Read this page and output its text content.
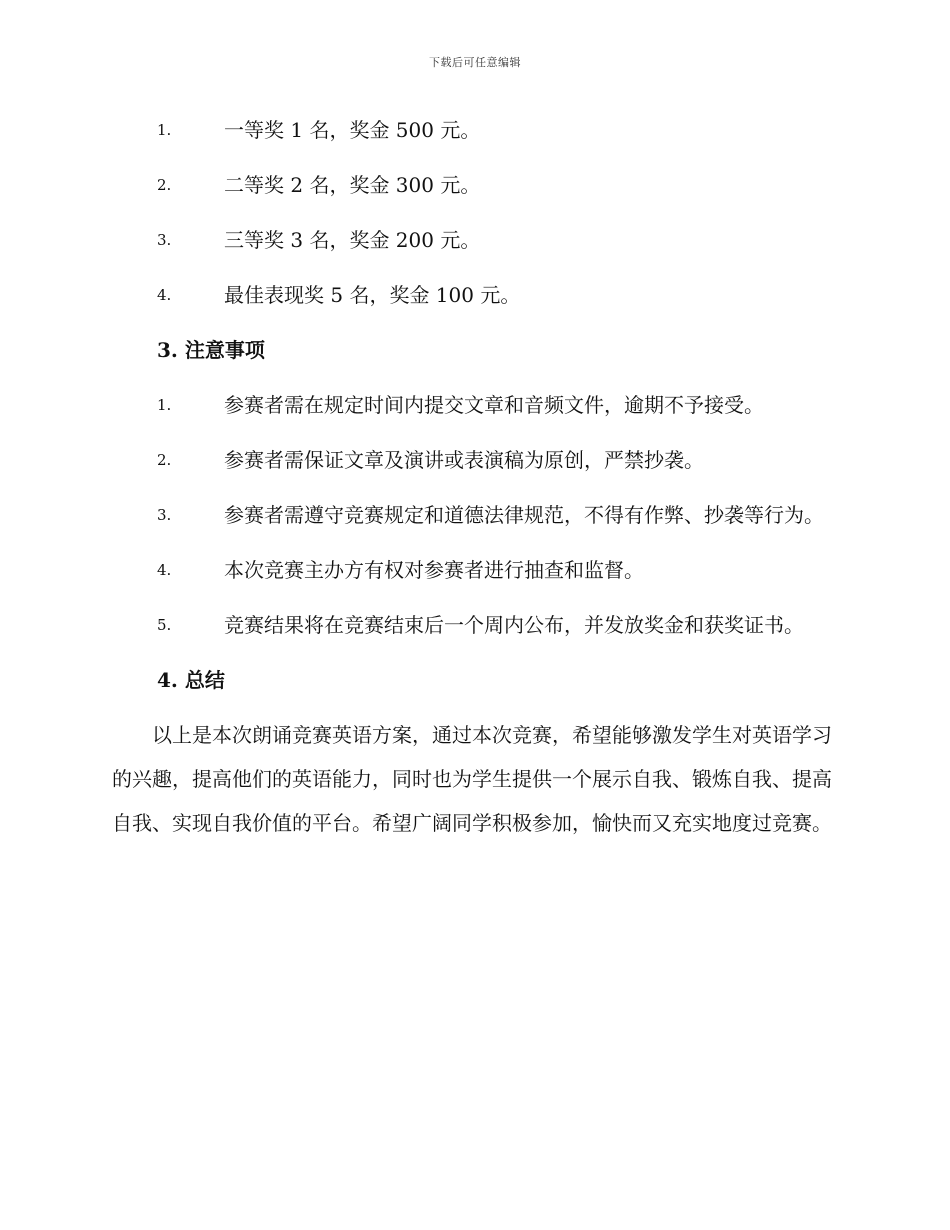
下载后可任意编辑
1.	一等奖 1 名，奖金 500 元。
2.	二等奖 2 名，奖金 300 元。
3.	三等奖 3 名，奖金 200 元。
4.	最佳表现奖 5 名，奖金 100 元。
3. 注意事项
1.	参赛者需在规定时间内提交文章和音频文件，逾期不予接受。
2.	参赛者需保证文章及演讲或表演稿为原创，严禁抄袭。
3.	参赛者需遵守竞赛规定和道德法律规范，不得有作弊、抄袭等行为。
4.	本次竞赛主办方有权对参赛者进行抽查和监督。
5.	竞赛结果将在竞赛结束后一个周内公布，并发放奖金和获奖证书。
4. 总结

以上是本次朗诵竞赛英语方案，通过本次竞赛，希望能够激发学生对英语学习的兴趣，提高他们的英语能力，同时也为学生提供一个展示自我、锻炼自我、提高自我、实现自我价值的平台。希望广阔同学积极参加，愉快而又充实地度过竞赛。
